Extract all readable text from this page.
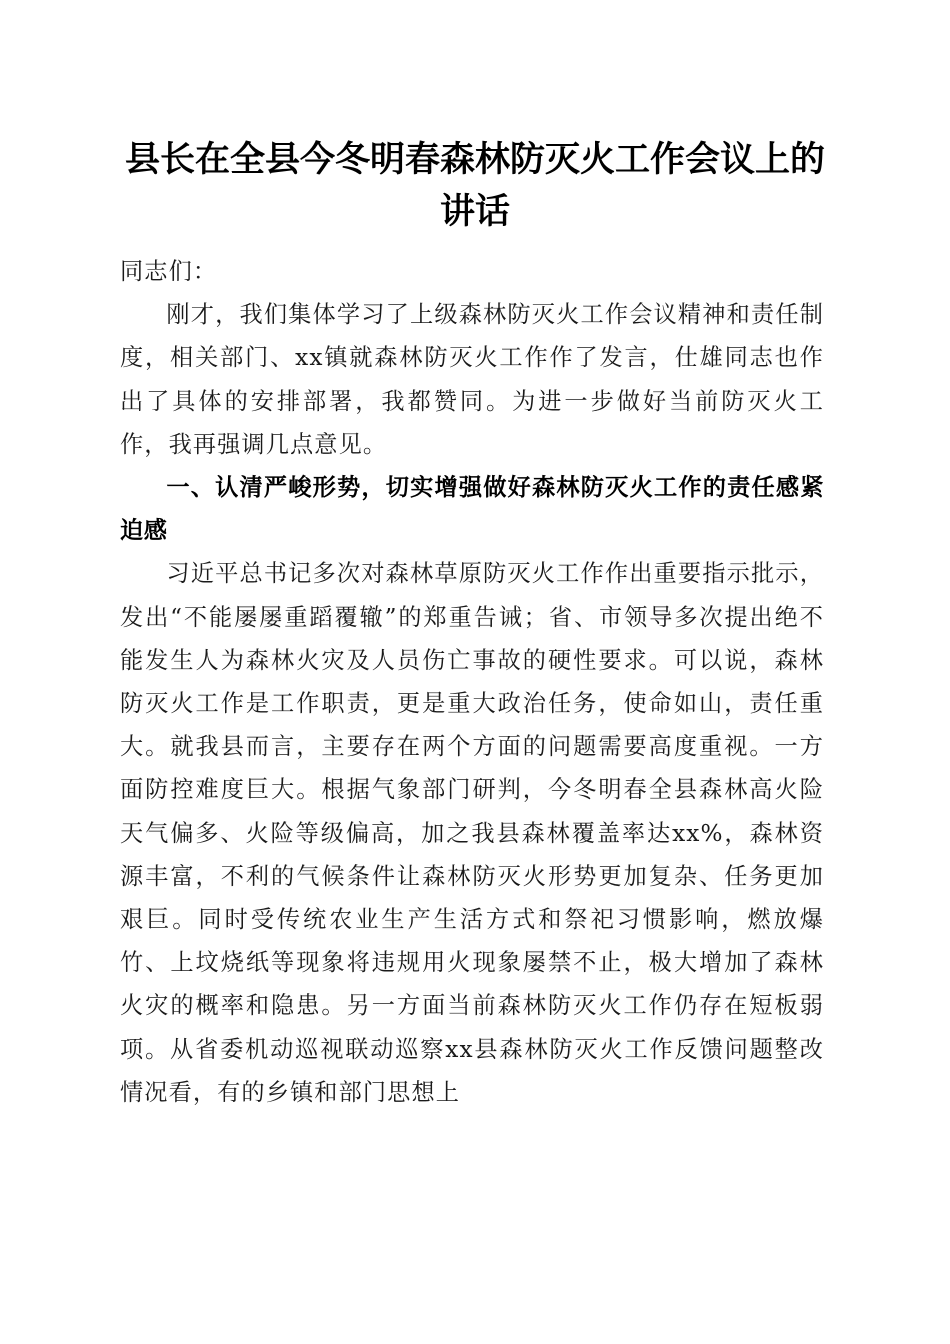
县长在全县今冬明春森林防灭火工作会议上的
讲话

同志们：

刚才，我们集体学习了上级森林防灭火工作会议精神和责任制度，相关部门、xx镇就森林防灭火工作作了发言，仕雄同志也作出了具体的安排部署，我都赞同。为进一步做好当前防灭火工作，我再强调几点意见。

一、认清严峻形势，切实增强做好森林防灭火工作的责任感紧迫感

习近平总书记多次对森林草原防灭火工作作出重要指示批示，发出“不能屡屡重蹈覆辙”的郑重告诫；省、市领导多次提出绝不能发生人为森林火灾及人员伤亡事故的硬性要求。可以说，森林防灭火工作是工作职责，更是重大政治任务，使命如山，责任重大。就我县而言，主要存在两个方面的问题需要高度重视。一方面防控难度巨大。根据气象部门研判，今冬明春全县森林高火险天气偏多、火险等级偏高，加之我县森林覆盖率达xx%，森林资源丰富，不利的气候条件让森林防灭火形势更加复杂、任务更加艰巨。同时受传统农业生产生活方式和祭祀习惯影响，燃放爆竹、上坟烧纸等现象将违规用火现象屡禁不止，极大增加了森林火灾的概率和隐患。另一方面当前森林防灭火工作仍存在短板弱项。从省委机动巡视联动巡察xx县森林防灭火工作反馈问题整改情况看，有的乡镇和部门思想上
